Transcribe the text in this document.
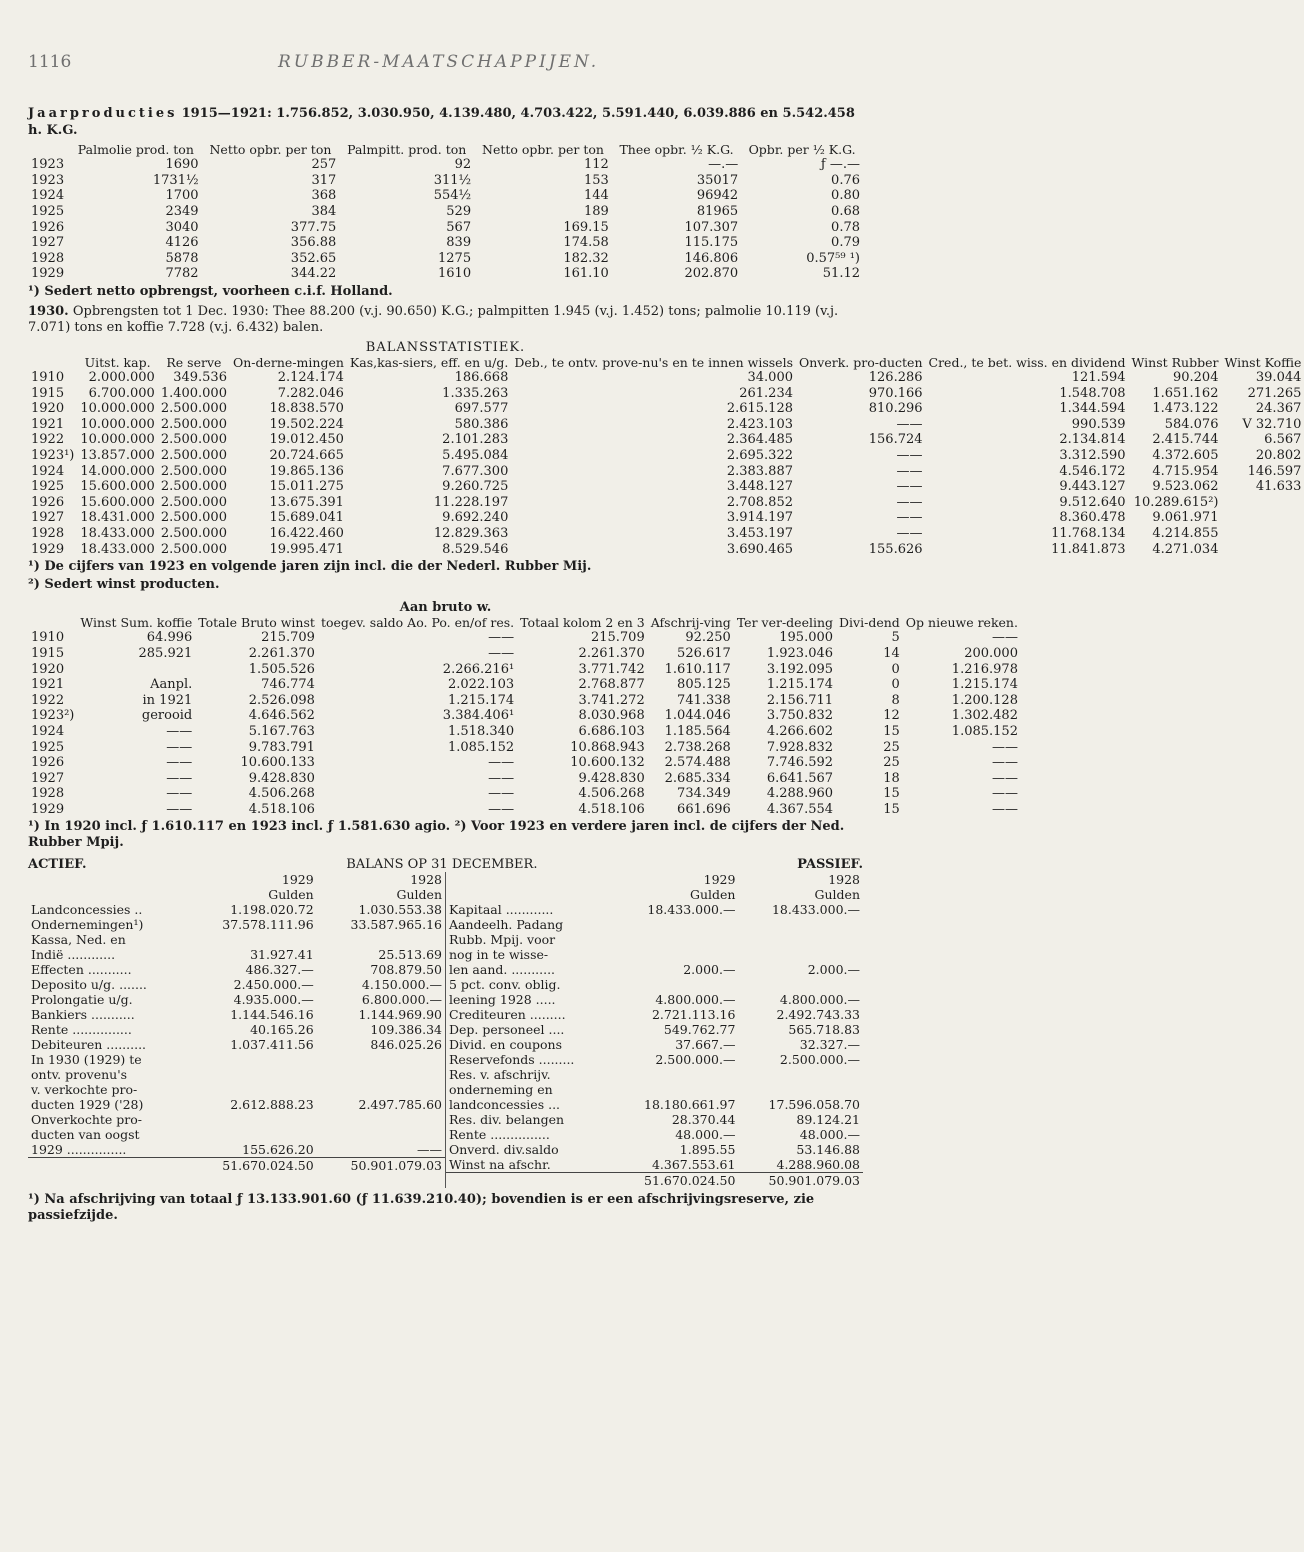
1116	RUBBER-MAATSCHAPPIJEN.
Jaarproducties 1915—1921: 1.756.852, 3.030.950, 4.139.480, 4.703.422, 5.591.440, 6.039.886 en 5.542.458 h. K.G.
	Palmolie prod. ton	Netto opbr. per ton	Palmpitt. prod. ton	Netto opbr. per ton	Thee opbr. ½ K.G.	Opbr. per ½ K.G.
1923	1690	257	92	112	—.—	ƒ —.—
1923	1731½	317	311½	153	35017	0.76
1924	1700	368	554½	144	96942	0.80
1925	2349	384	529	189	81965	0.68
1926	3040	377.75	567	169.15	107.307	0.78
1927	4126	356.88	839	174.58	115.175	0.79
1928	5878	352.65	1275	182.32	146.806	0.57⁵⁹ ¹)
1929	7782	344.22	1610	161.10	202.870	51.12
¹) Sedert netto opbrengst, voorheen c.i.f. Holland.
1930. Opbrengsten tot 1 Dec. 1930: Thee 88.200 (v.j. 90.650) K.G.; palmpitten 1.945 (v.j. 1.452) tons; palmolie 10.119 (v.j. 7.071) tons en koffie 7.728 (v.j. 6.432) balen.
BALANSSTATISTIEK.
	Uitst. kap.	Re serve	On-derne-mingen	Kas,kas-siers, eff. en u/g.	Deb., te ontv. prove-nu's en te innen wissels	Onverk. pro-ducten	Cred., te bet. wiss. en dividend	Winst Rubber	Winst Koffie
1910	2.000.000	349.536	2.124.174	186.668	34.000	126.286	121.594	90.204	39.044
1915	6.700.000	1.400.000	7.282.046	1.335.263	261.234	970.166	1.548.708	1.651.162	271.265
1920	10.000.000	2.500.000	18.838.570	697.577	2.615.128	810.296	1.344.594	1.473.122	24.367
1921	10.000.000	2.500.000	19.502.224	580.386	2.423.103	——	990.539	584.076	V 32.710
1922	10.000.000	2.500.000	19.012.450	2.101.283	2.364.485	156.724	2.134.814	2.415.744	6.567
1923¹)	13.857.000	2.500.000	20.724.665	5.495.084	2.695.322	——	3.312.590	4.372.605	20.802
1924	14.000.000	2.500.000	19.865.136	7.677.300	2.383.887	——	4.546.172	4.715.954	146.597
1925	15.600.000	2.500.000	15.011.275	9.260.725	3.448.127	——	9.443.127	9.523.062	41.633
1926	15.600.000	2.500.000	13.675.391	11.228.197	2.708.852	——	9.512.640	10.289.615²)	
1927	18.431.000	2.500.000	15.689.041	9.692.240	3.914.197	——	8.360.478	9.061.971	
1928	18.433.000	2.500.000	16.422.460	12.829.363	3.453.197	——	11.768.134	4.214.855	
1929	18.433.000	2.500.000	19.995.471	8.529.546	3.690.465	155.626	11.841.873	4.271.034	
¹) De cijfers van 1923 en volgende jaren zijn incl. die der Nederl. Rubber Mij.
²) Sedert winst producten.
Aan bruto w.
	Winst Sum. koffie	Totale Bruto winst	toegev. saldo Ao. Po. en/of res.	Totaal kolom 2 en 3	Afschrij-ving	Ter ver-deeling	Divi-dend	Op nieuwe reken.
1910	64.996	215.709	——	215.709	92.250	195.000	5	——
1915	285.921	2.261.370	——	2.261.370	526.617	1.923.046	14	200.000
1920		1.505.526	2.266.216¹	3.771.742	1.610.117	3.192.095	0	1.216.978
1921	Aanpl.	746.774	2.022.103	2.768.877	805.125	1.215.174	0	1.215.174
1922	in 1921	2.526.098	1.215.174	3.741.272	741.338	2.156.711	8	1.200.128
1923²)	gerooid	4.646.562	3.384.406¹	8.030.968	1.044.046	3.750.832	12	1.302.482
1924	——	5.167.763	1.518.340	6.686.103	1.185.564	4.266.602	15	1.085.152
1925	——	9.783.791	1.085.152	10.868.943	2.738.268	7.928.832	25	——
1926	——	10.600.133	——	10.600.132	2.574.488	7.746.592	25	——
1927	——	9.428.830	——	9.428.830	2.685.334	6.641.567	18	——
1928	——	4.506.268	——	4.506.268	734.349	4.288.960	15	——
1929	——	4.518.106	——	4.518.106	661.696	4.367.554	15	——
¹) In 1920 incl. ƒ 1.610.117 en 1923 incl. ƒ 1.581.630 agio. ²) Voor 1923 en verdere jaren incl. de cijfers der Ned. Rubber Mpij.
ACTIEF.	BALANS OP 31 DECEMBER.	PASSIEF.
	1929	1928
	Gulden	Gulden
Landconcessies ..	1.198.020.72	1.030.553.38
Ondernemingen¹)	37.578.111.96	33.587.965.16
Kassa, Ned. en		
Indië ............	31.927.41	25.513.69
Effecten ...........	486.327.—	708.879.50
Deposito u/g. .......	2.450.000.—	4.150.000.—
Prolongatie u/g.	4.935.000.—	6.800.000.—
Bankiers ...........	1.144.546.16	1.144.969.90
Rente ...............	40.165.26	109.386.34
Debiteuren ..........	1.037.411.56	846.025.26
In 1930 (1929) te		
ontv. provenu's		
v. verkochte pro-		
ducten 1929 ('28)	2.612.888.23	2.497.785.60
Onverkochte pro-		
ducten van oogst		
1929 ...............	155.626.20	——
	51.670.024.50	50.901.079.03
	1929	1928
	Gulden	Gulden
Kapitaal ............	18.433.000.—	18.433.000.—
Aandeelh. Padang		
Rubb. Mpij. voor		
nog in te wisse-		
len aand. ...........	2.000.—	2.000.—
5 pct. conv. oblig.		
leening 1928 .....	4.800.000.—	4.800.000.—
Crediteuren .........	2.721.113.16	2.492.743.33
Dep. personeel ....	549.762.77	565.718.83
Divid. en coupons	37.667.—	32.327.—
Reservefonds .........	2.500.000.—	2.500.000.—
Res. v. afschrijv.		
onderneming en		
landconcessies ...	18.180.661.97	17.596.058.70
Res. div. belangen	28.370.44	89.124.21
Rente ...............	48.000.—	48.000.—
Onverd. div.saldo	1.895.55	53.146.88
Winst na afschr.	4.367.553.61	4.288.960.08
	51.670.024.50	50.901.079.03
¹) Na afschrijving van totaal ƒ 13.133.901.60 (ƒ 11.639.210.40); bovendien is er een afschrijvingsreserve, zie passiefzijde.
